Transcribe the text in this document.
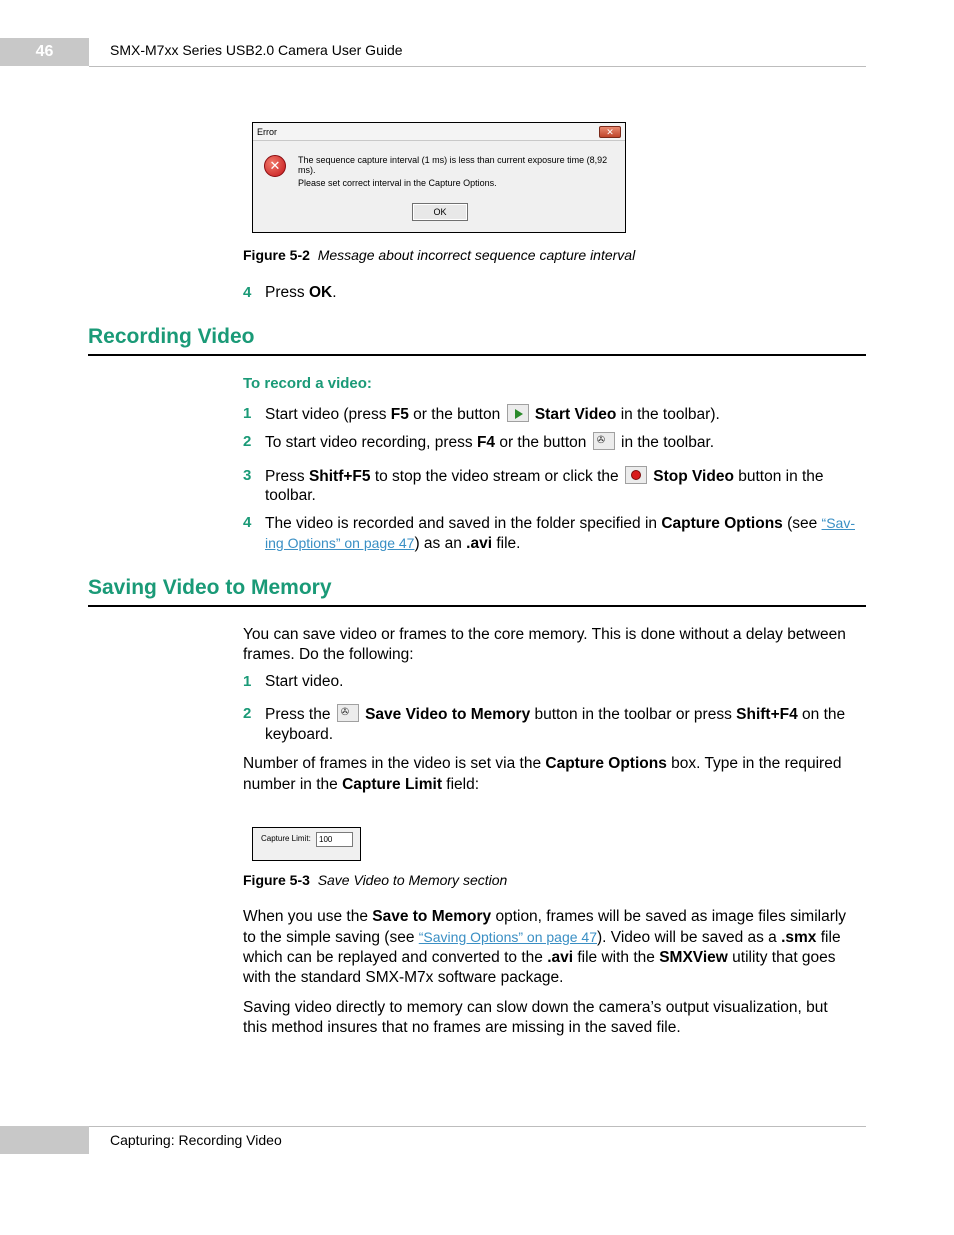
46	SMX-M7xx Series USB2.0 Camera User Guide
Error	✕
✕	The sequence capture interval (1 ms) is less than current exposure time (8,92 ms).
Please set correct interval in the Capture Options.
OK
Figure 5-2 Message about incorrect sequence capture interval
4 Press OK.
Recording Video
To record a video:
1 Start video (press F5 or the button
Start Video in the toolbar).
2 To start video recording, press F4 or the button ✇ in the toolbar.
3 Press Shitf+F5 to stop the video stream or click the
Stop Video button in the
toolbar.
4 The video is recorded and saved in the folder specified in Capture Options (see “Sav-
ing Options” on page 47) as an .avi file.
Saving Video to Memory
You can save video or frames to the core memory. This is done without a delay between
frames. Do the following:
1 Start video.
2 Press the ✇ Save Video to Memory button in the toolbar or press Shift+F4 on the
keyboard.
Number of frames in the video is set via the Capture Options box. Type in the required
number in the Capture Limit field:
Capture Limit:	100
Figure 5-3 Save Video to Memory section
When you use the Save to Memory option, frames will be saved as image files similarly
to the simple saving (see “Saving Options” on page 47). Video will be saved as a .smx file
which can be replayed and converted to the .avi file with the SMXView utility that goes
with the standard SMX-M7x software package.
Saving video directly to memory can slow down the camera’s output visualization, but
this method insures that no frames are missing in the saved file.
Capturing: Recording Video
